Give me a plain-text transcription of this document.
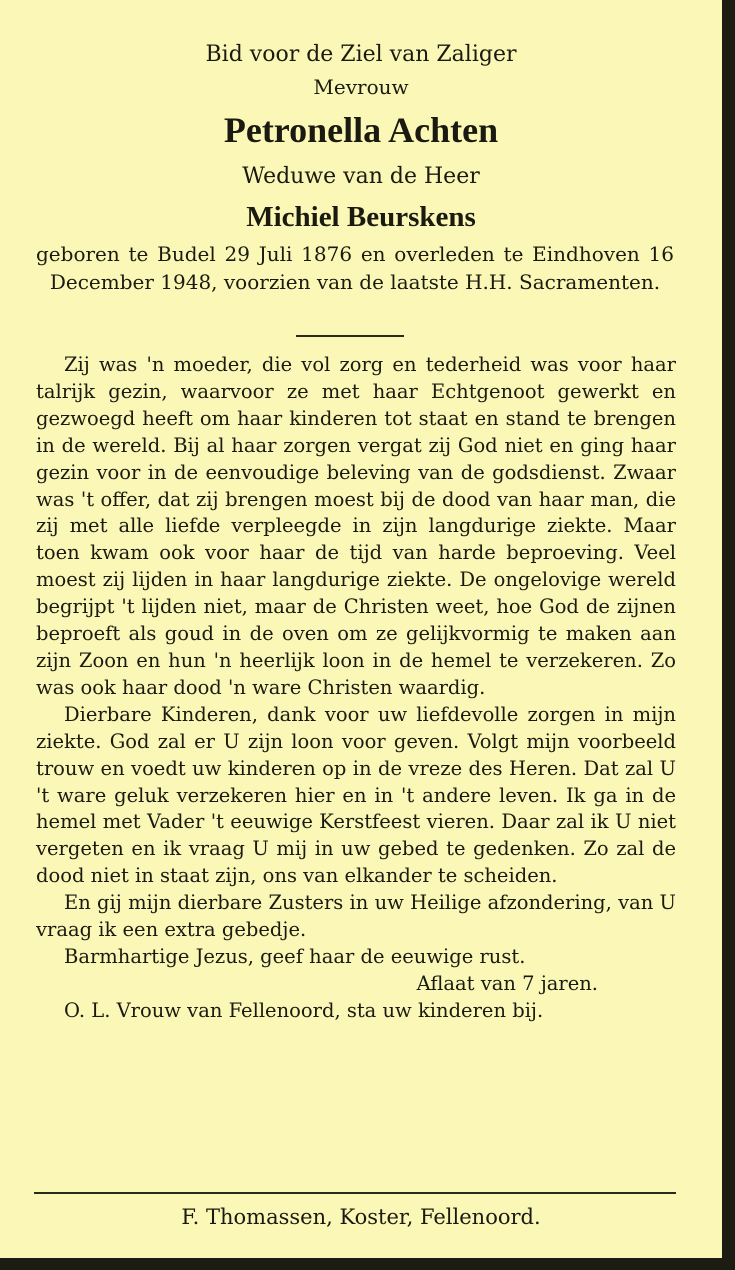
Bid voor de Ziel van Zaliger
Mevrouw
Petronella Achten
Weduwe van de Heer
Michiel Beurskens
geboren te Budel 29 Juli 1876 en overleden te Eindhoven 16 December 1948, voorzien van de laatste H.H. Sacramenten.

Zij was 'n moeder, die vol zorg en tederheid was voor haar talrijk gezin, waarvoor ze met haar Echtgenoot gewerkt en gezwoegd heeft om haar kinderen tot staat en stand te brengen in de wereld. Bij al haar zorgen vergat zij God niet en ging haar gezin voor in de eenvoudige beleving van de godsdienst. Zwaar was 't offer, dat zij brengen moest bij de dood van haar man, die zij met alle liefde verpleegde in zijn langdurige ziekte. Maar toen kwam ook voor haar de tijd van harde beproeving. Veel moest zij lijden in haar langdurige ziekte. De ongelovige wereld begrijpt 't lijden niet, maar de Christen weet, hoe God de zijnen beproeft als goud in de oven om ze gelijkvormig te maken aan zijn Zoon en hun 'n heerlijk loon in de hemel te verzekeren. Zo was ook haar dood 'n ware Christen waardig.

Dierbare Kinderen, dank voor uw liefdevolle zorgen in mijn ziekte. God zal er U zijn loon voor geven. Volgt mijn voorbeeld trouw en voedt uw kinderen op in de vreze des Heren. Dat zal U 't ware geluk verzekeren hier en in 't andere leven. Ik ga in de hemel met Vader 't eeuwige Kerstfeest vieren. Daar zal ik U niet vergeten en ik vraag U mij in uw gebed te gedenken. Zo zal de dood niet in staat zijn, ons van elkander te scheiden.

En gij mijn dierbare Zusters in uw Heilige afzondering, van U vraag ik een extra gebedje.

Barmhartige Jezus, geef haar de eeuwige rust.

Aflaat van 7 jaren.

O. L. Vrouw van Fellenoord, sta uw kinderen bij.

F. Thomassen, Koster, Fellenoord.
